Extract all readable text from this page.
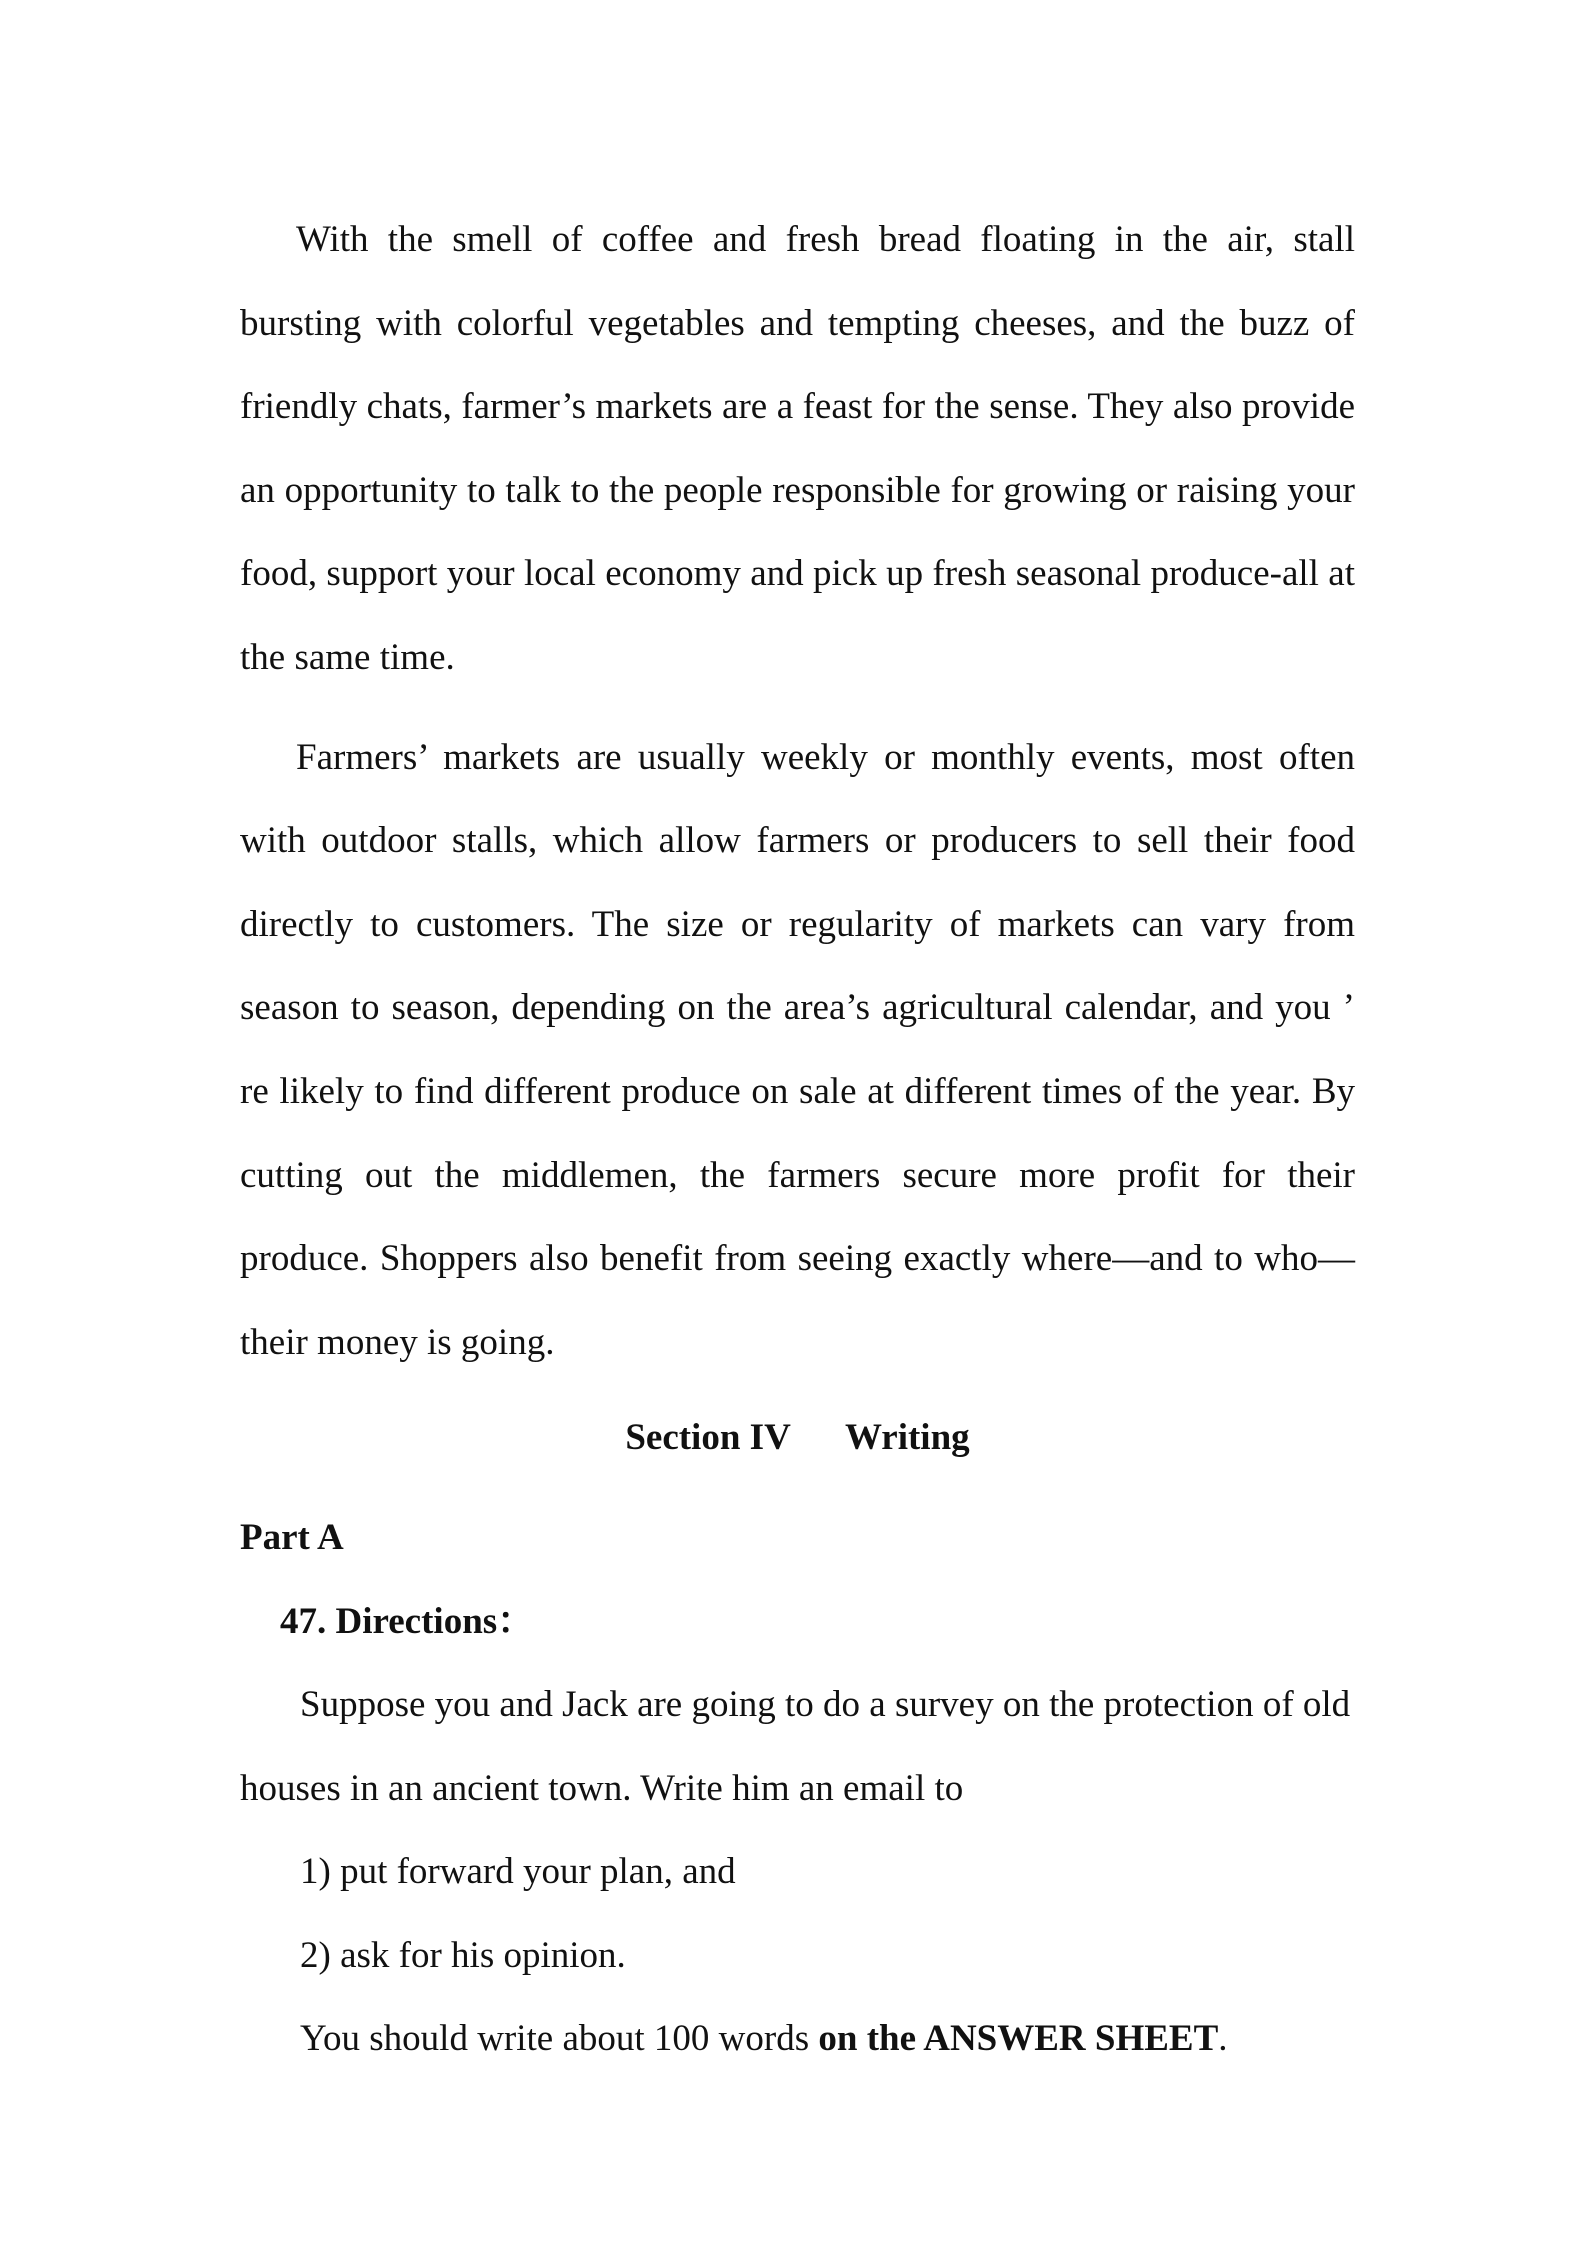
With the smell of coffee and fresh bread floating in the air, stall bursting with colorful vegetables and tempting cheeses, and the buzz of friendly chats, farmer’s markets are a feast for the sense. They also provide an opportunity to talk to the people responsible for growing or raising your food, support your local economy and pick up fresh seasonal produce-all at the same time.

Farmers’ markets are usually weekly or monthly events, most often with outdoor stalls, which allow farmers or producers to sell their food directly to customers. The size or regularity of markets can vary from season to season, depending on the area’s agricultural calendar, and you ’ re likely to find different produce on sale at different times of the year. By cutting out the middlemen, the farmers secure more profit for their produce. Shoppers also benefit from seeing exactly where—and to who—their money is going.

Section IV      Writing
Part A
47. Directions：

Suppose you and Jack are going to do a survey on the protection of old houses in an ancient town. Write him an email to

1) put forward your plan, and
2) ask for his opinion.
You should write about 100 words on the ANSWER SHEET.
